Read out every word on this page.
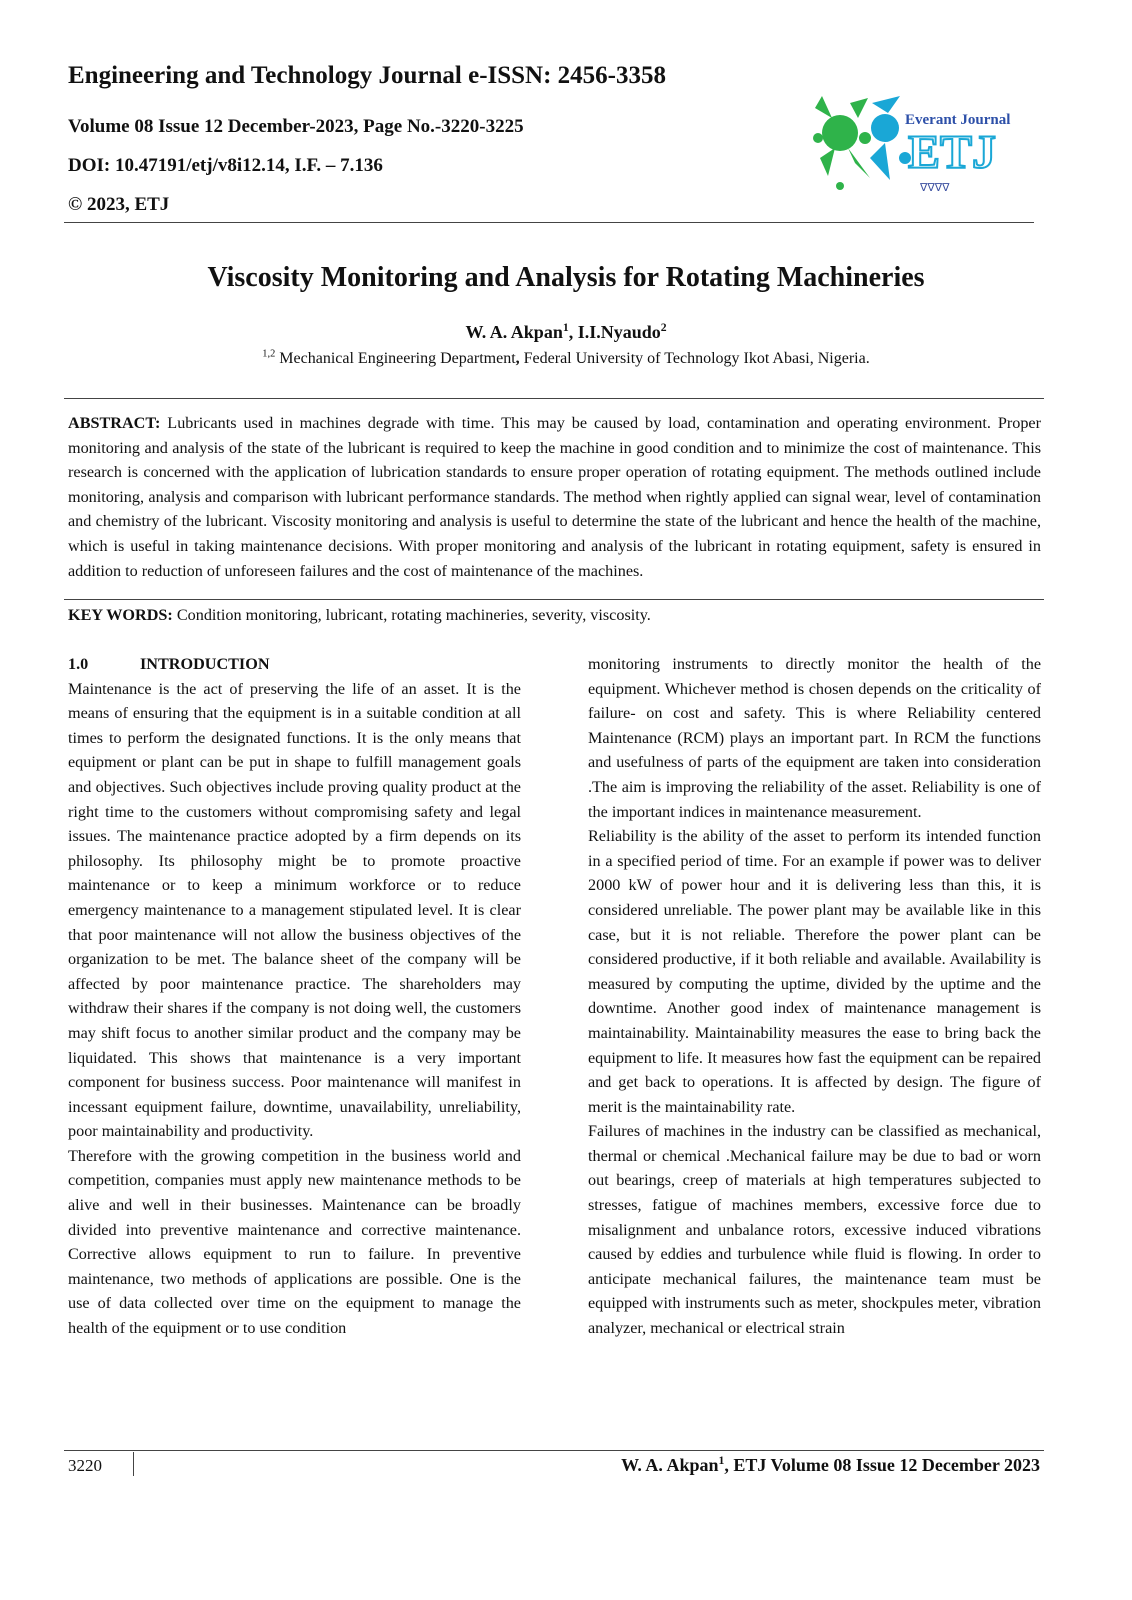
Engineering and Technology Journal e-ISSN: 2456-3358
Volume 08 Issue 12 December-2023, Page No.-3220-3225
DOI: 10.47191/etj/v8i12.14, I.F. – 7.136
© 2023, ETJ
Everant Journal
ETJ
∇∇∇∇
Viscosity Monitoring and Analysis for Rotating Machineries
W. A. Akpan$^1$, I.I.Nyaudo$^2$
$^{1,2}$ Mechanical Engineering Department, Federal University of Technology Ikot Abasi, Nigeria.

ABSTRACT: Lubricants used in machines degrade with time. This may be caused by load, contamination and operating environment. Proper monitoring and analysis of the state of the lubricant is required to keep the machine in good condition and to minimize the cost of maintenance. This research is concerned with the application of lubrication standards to ensure proper operation of rotating equipment. The methods outlined include monitoring, analysis and comparison with lubricant performance standards. The method when rightly applied can signal wear, level of contamination and chemistry of the lubricant. Viscosity monitoring and analysis is useful to determine the state of the lubricant and hence the health of the machine, which is useful in taking maintenance decisions. With proper monitoring and analysis of the lubricant in rotating equipment, safety is ensured in addition to reduction of unforeseen failures and the cost of maintenance of the machines.

KEY WORDS: Condition monitoring, lubricant, rotating machineries, severity, viscosity.

1.0	INTRODUCTION

Maintenance is the act of preserving the life of an asset. It is the means of ensuring that the equipment is in a suitable condition at all times to perform the designated functions. It is the only means that equipment or plant can be put in shape to fulfill management goals and objectives. Such objectives include proving quality product at the right time to the customers without compromising safety and legal issues. The maintenance practice adopted by a firm depends on its philosophy. Its philosophy might be to promote proactive maintenance or to keep a minimum workforce or to reduce emergency maintenance to a management stipulated level. It is clear that poor maintenance will not allow the business objectives of the organization to be met. The balance sheet of the company will be affected by poor maintenance practice. The shareholders may withdraw their shares if the company is not doing well, the customers may shift focus to another similar product and the company may be liquidated. This shows that maintenance is a very important component for business success. Poor maintenance will manifest in incessant equipment failure, downtime, unavailability, unreliability, poor maintainability and productivity.

Therefore with the growing competition in the business world and competition, companies must apply new maintenance methods to be alive and well in their businesses. Maintenance can be broadly divided into preventive maintenance and corrective maintenance. Corrective allows equipment to run to failure. In preventive maintenance, two methods of applications are possible. One is the use of data collected over time on the equipment to manage the health of the equipment or to use condition

monitoring instruments to directly monitor the health of the equipment. Whichever method is chosen depends on the criticality of failure- on cost and safety. This is where Reliability centered Maintenance (RCM) plays an important part. In RCM the functions and usefulness of parts of the equipment are taken into consideration .The aim is improving the reliability of the asset. Reliability is one of the important indices in maintenance measurement.

Reliability is the ability of the asset to perform its intended function in a specified period of time. For an example if power was to deliver 2000 kW of power hour and it is delivering less than this, it is considered unreliable. The power plant may be available like in this case, but it is not reliable. Therefore the power plant can be considered productive, if it both reliable and available. Availability is measured by computing the uptime, divided by the uptime and the downtime. Another good index of maintenance management is maintainability. Maintainability measures the ease to bring back the equipment to life. It measures how fast the equipment can be repaired and get back to operations. It is affected by design. The figure of merit is the maintainability rate.

Failures of machines in the industry can be classified as mechanical, thermal or chemical .Mechanical failure may be due to bad or worn out bearings, creep of materials at high temperatures subjected to stresses, fatigue of machines members, excessive force due to misalignment and unbalance rotors, excessive induced vibrations caused by eddies and turbulence while fluid is flowing. In order to anticipate mechanical failures, the maintenance team must be equipped with instruments such as meter, shockpules meter, vibration analyzer, mechanical or electrical strain

3220	W. A. Akpan$^1$, ETJ Volume 08 Issue 12 December 2023
